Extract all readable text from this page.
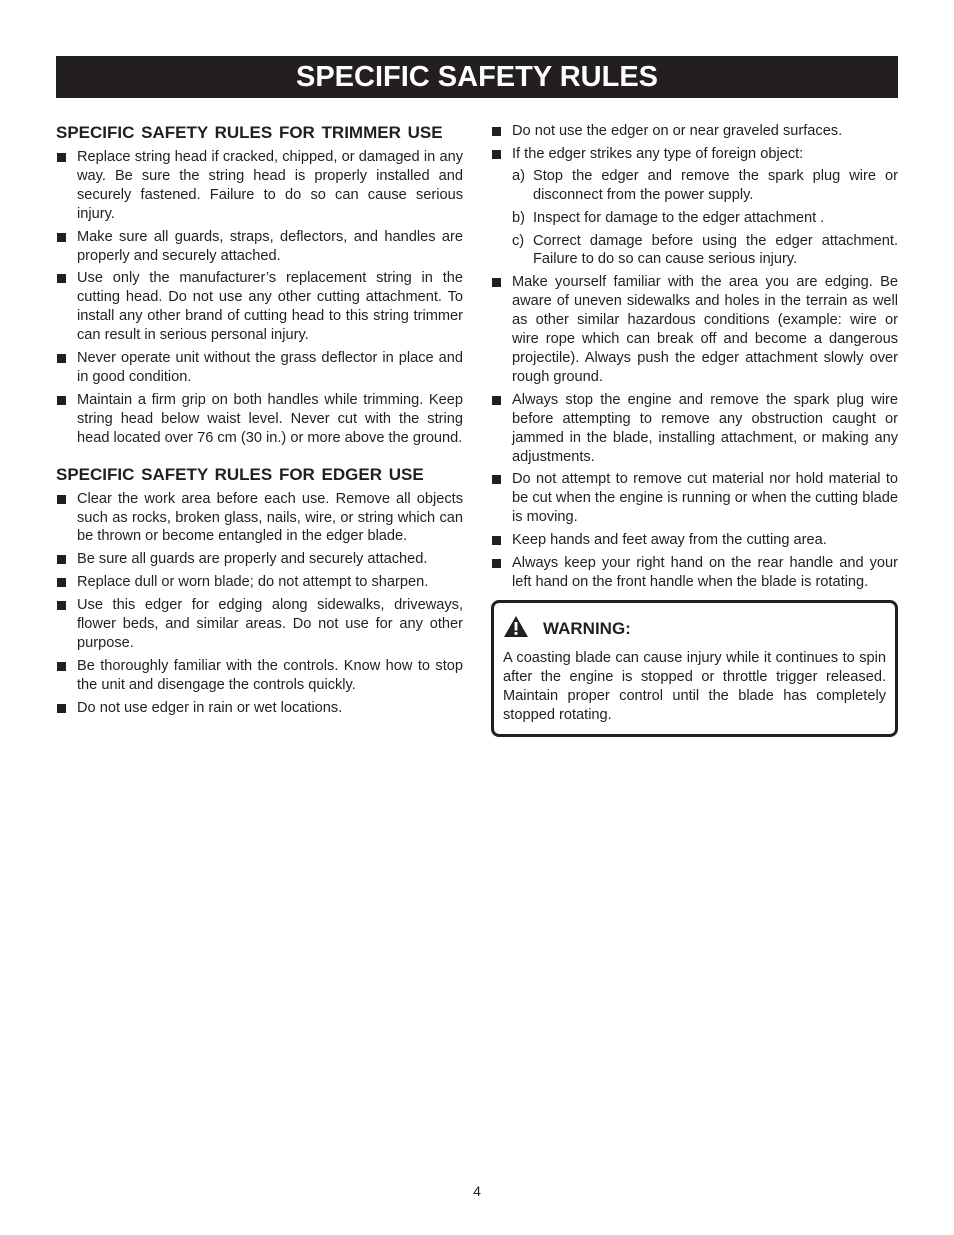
SPECIFIC SAFETY RULES
SPECIFIC SAFETY RULES FOR TRIMMER USE
Replace string head if cracked, chipped, or damaged in any way. Be sure the string head is properly installed and securely fastened. Failure to do so can cause serious injury.
Make sure all guards, straps, deflectors, and handles are properly and securely attached.
Use only the manufacturer’s replacement string in the cutting head. Do not use any other cutting attachment. To install any other brand of cutting head to this string trimmer can result in serious personal injury.
Never operate unit without the grass deflector in place and in good condition.
Maintain a firm grip on both handles while trimming. Keep string head below waist level. Never cut with the string head located over 76 cm (30 in.) or more above the ground.
SPECIFIC SAFETY RULES FOR EDGER USE
Clear the work area before each use. Remove all objects such as rocks, broken glass, nails, wire, or string which can be thrown or become entangled in the edger blade.
Be sure all guards are properly and securely attached.
Replace dull or worn blade; do not attempt to sharpen.
Use this edger for edging along sidewalks, driveways, flower beds, and similar areas. Do not use for any other purpose.
Be thoroughly familiar with the controls. Know how to stop the unit and disengage the controls quickly.
Do not use edger in rain or wet locations.
Do not use the edger on or near graveled surfaces.
If the edger strikes any type of foreign object:
a) Stop the edger and remove the spark plug wire or disconnect from the power supply.
b) Inspect for damage to the edger attachment .
c) Correct damage before using the edger attachment. Failure to do so can cause serious injury.
Make yourself familiar with the area you are edging. Be aware of uneven sidewalks and holes in the terrain as well as other similar hazardous conditions (example: wire or wire rope which can break off and become a dangerous projectile). Always push the edger attachment slowly over rough ground.
Always stop the engine and remove the spark plug wire before attempting to remove any obstruction caught or jammed in the blade, installing attachment, or making any adjustments.
Do not attempt to remove cut material nor hold material to be cut when the engine is running or when the cutting blade is moving.
Keep hands and feet away from the cutting area.
Always keep your right hand on the rear handle and your left hand on the front handle when the blade is rotating.
WARNING:
A coasting blade can cause injury while it continues to spin after the engine is stopped or throttle trigger released. Maintain proper control until the blade has completely stopped rotating.
4
